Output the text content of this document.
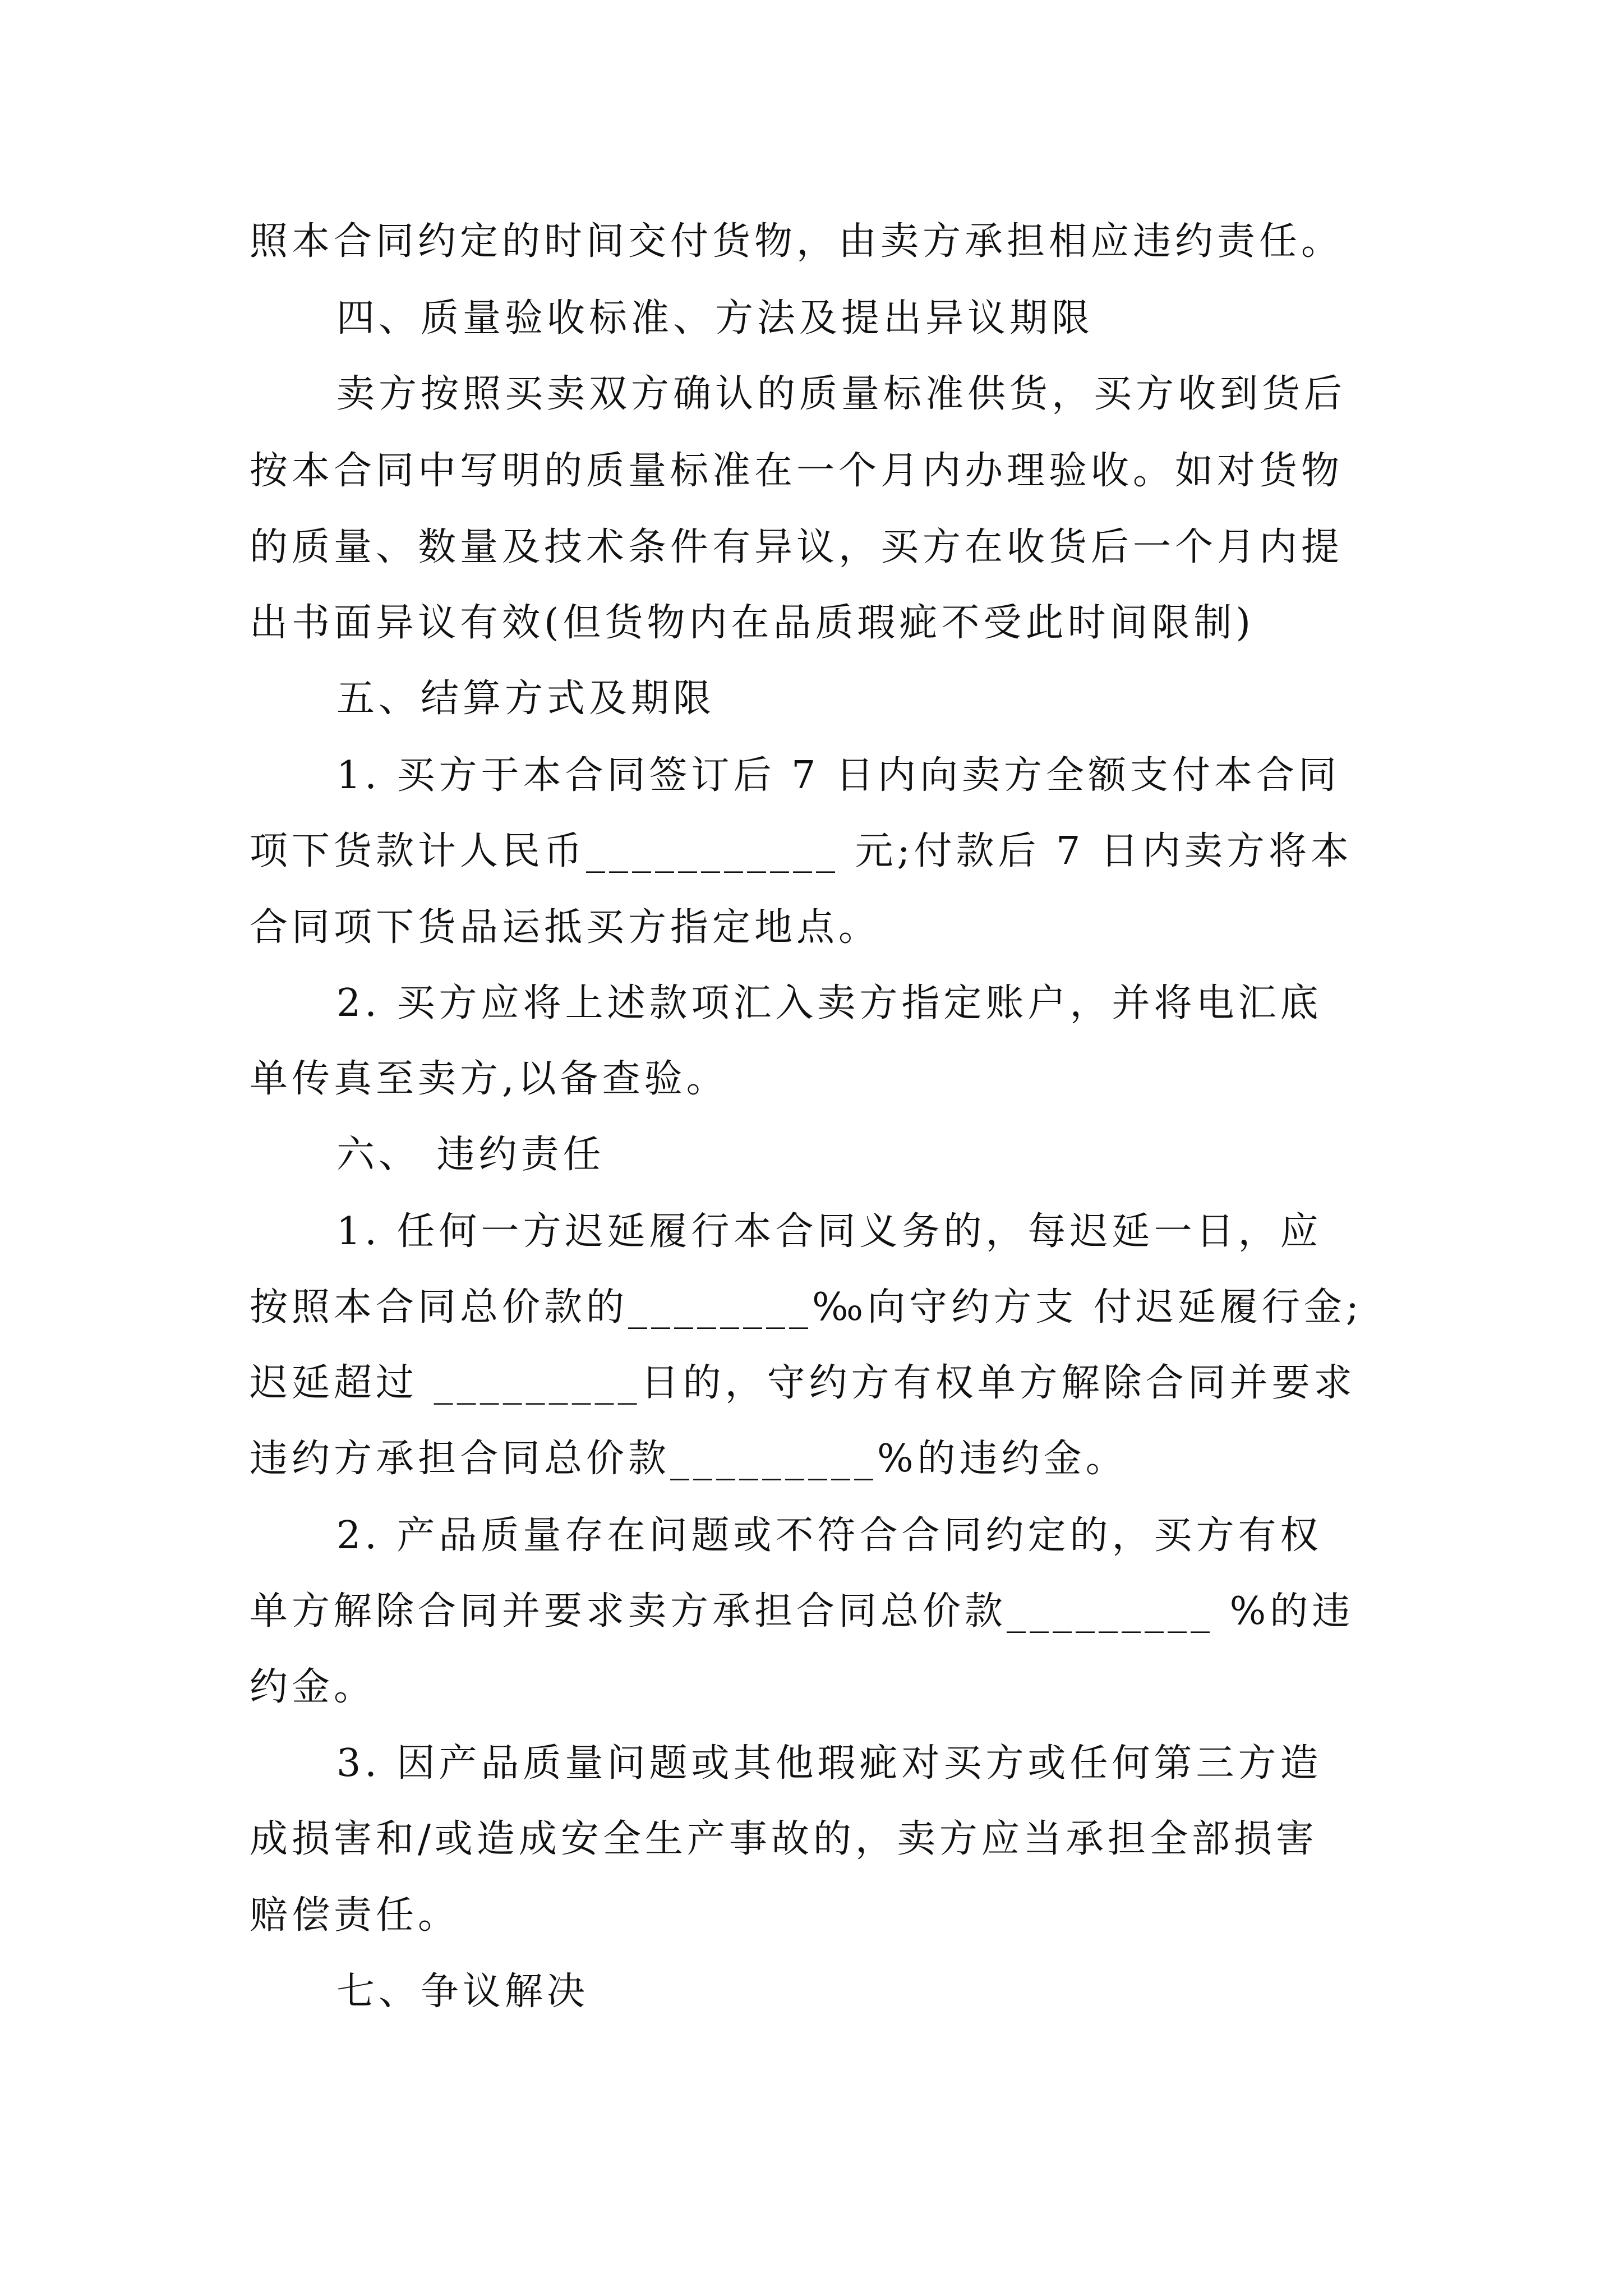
照本合同约定的时间交付货物，由卖方承担相应违约责任。
四、质量验收标准、方法及提出异议期限
卖方按照买卖双方确认的质量标准供货，买方收到货后
按本合同中写明的质量标准在一个月内办理验收。如对货物
的质量、数量及技术条件有异议，买方在收货后一个月内提
出书面异议有效(但货物内在品质瑕疵不受此时间限制)
五、结算方式及期限
1. 买方于本合同签订后 7 日内向卖方全额支付本合同
项下货款计人民币___________ 元;付款后 7 日内卖方将本
合同项下货品运抵买方指定地点。
2. 买方应将上述款项汇入卖方指定账户，并将电汇底
单传真至卖方,以备查验。
六、 违约责任
1. 任何一方迟延履行本合同义务的，每迟延一日，应
按照本合同总价款的________‰向守约方支 付迟延履行金;
迟延超过 _________日的，守约方有权单方解除合同并要求
违约方承担合同总价款_________%的违约金。
2. 产品质量存在问题或不符合合同约定的，买方有权
单方解除合同并要求卖方承担合同总价款_________ %的违
约金。
3. 因产品质量问题或其他瑕疵对买方或任何第三方造
成损害和/或造成安全生产事故的，卖方应当承担全部损害
赔偿责任。
七、争议解决
